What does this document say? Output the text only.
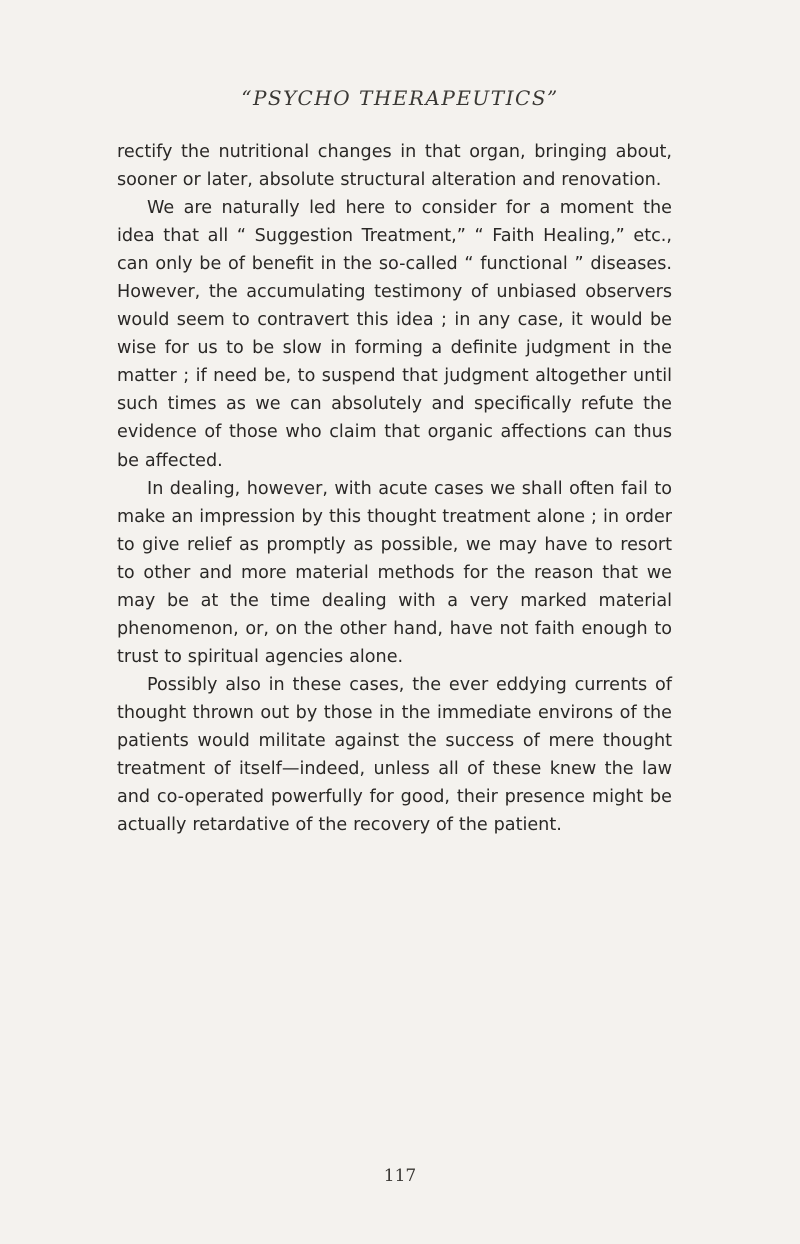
“PSYCHO THERAPEUTICS”

rectify the nutritional changes in that organ, bringing about, sooner or later, absolute structural alteration and renovation.

We are naturally led here to consider for a moment the idea that all “ Suggestion Treatment,” “ Faith Healing,” etc., can only be of benefit in the so-called “ functional ” diseases. However, the accumulating testimony of unbiased observers would seem to contravert this idea ; in any case, it would be wise for us to be slow in forming a definite judgment in the matter ; if need be, to suspend that judgment altogether until such times as we can absolutely and specifically refute the evidence of those who claim that organic affections can thus be affected.

In dealing, however, with acute cases we shall often fail to make an impression by this thought treatment alone ; in order to give relief as promptly as possible, we may have to resort to other and more material methods for the reason that we may be at the time dealing with a very marked material phenomenon, or, on the other hand, have not faith enough to trust to spiritual agencies alone.

Possibly also in these cases, the ever eddying currents of thought thrown out by those in the immediate environs of the patients would militate against the success of mere thought treatment of itself—indeed, unless all of these knew the law and co-operated powerfully for good, their presence might be actually retardative of the recovery of the patient.

117
